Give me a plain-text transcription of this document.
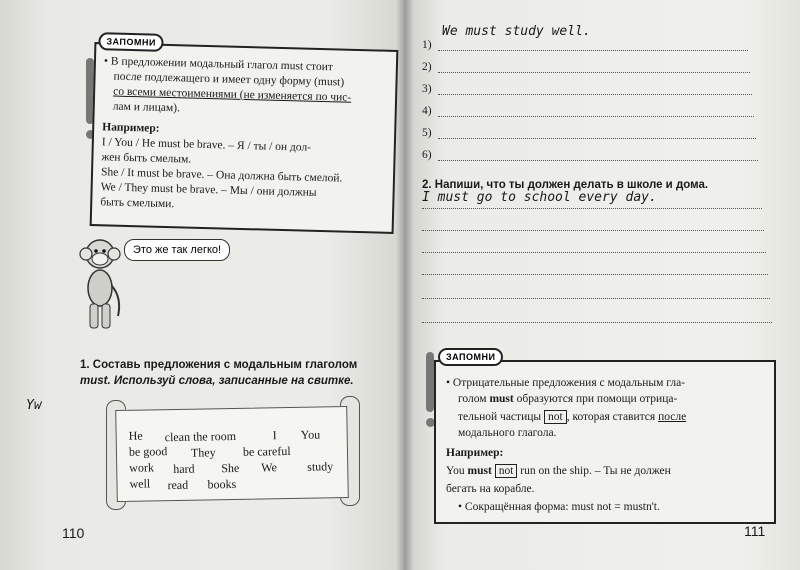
ЗАПОМНИ
• В предложении модальный глагол must стоит
после подлежащего и имеет одну форму (must)
со всеми местоимениями (не изменяется по чис-
лам и лицам).
Например:
I / You / He must be brave. – Я / ты / он дол-
жен быть смелым.
She / It must be brave. – Она должна быть смелой.
We / They must be brave. – Мы / они должны
быть смелыми.
Это же так легко!
1. Составь предложения с модальным глаголом
must. Используй слова, записанные на свитке.
Yw
He clean the room	I You
be good They be careful
work hard She We	study
well read books
110
1)
We must study well.
2)
3)
4)
5)
6)
2. Напиши, что ты должен делать в школе и дома.
I must go to school every day.
ЗАПОМНИ
• Отрицательные предложения с модальным гла-
голом must образуются при помощи отрица-
тельной частицы not , которая ставится после
модального глагола.
Например:
You must not run on the ship. – Ты не должен
бегать на корабле.
• Сокращённая форма: must not = mustn't.
111
